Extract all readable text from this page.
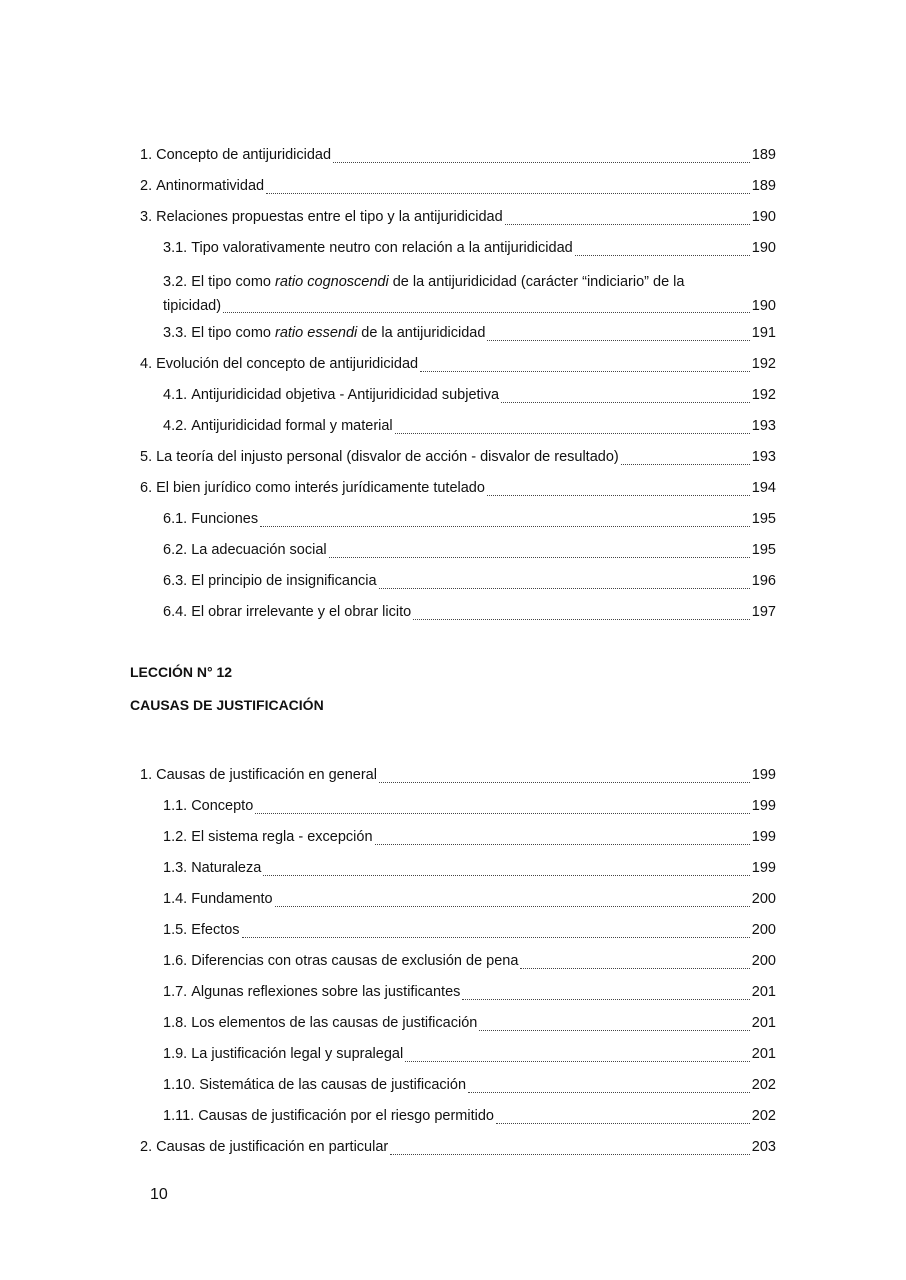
1. Concepto de antijuridicidad	189
2. Antinormatividad	189
3. Relaciones propuestas entre el tipo y la antijuridicidad	190
3.1. Tipo valorativamente neutro con relación a la antijuridicidad	190
3.2. El tipo como ratio cognoscendi de la antijuridicidad (carácter “indiciario” de la
tipicidad)	190
3.3. El tipo como ratio essendi de la antijuridicidad	191
4. Evolución del concepto de antijuridicidad	192
4.1. Antijuridicidad objetiva - Antijuridicidad subjetiva	192
4.2. Antijuridicidad formal y material	193
5. La teoría del injusto personal (disvalor de acción - disvalor de resultado)	193
6. El bien jurídico como interés jurídicamente tutelado	194
6.1. Funciones	195
6.2. La adecuación social	195
6.3. El principio de insignificancia	196
6.4. El obrar irrelevante y el obrar licito	197
LECCIÓN N° 12
CAUSAS DE JUSTIFICACIÓN
1. Causas de justificación en general	199
1.1. Concepto	199
1.2. El sistema regla - excepción	199
1.3. Naturaleza	199
1.4. Fundamento	200
1.5. Efectos	200
1.6. Diferencias con otras causas de exclusión de pena	200
1.7. Algunas reflexiones sobre las justificantes	201
1.8. Los elementos de las causas de justificación	201
1.9. La justificación legal y supralegal	201
1.10. Sistemática de las causas de justificación	202
1.11. Causas de justificación por el riesgo permitido	202
2. Causas de justificación en particular	203
10
